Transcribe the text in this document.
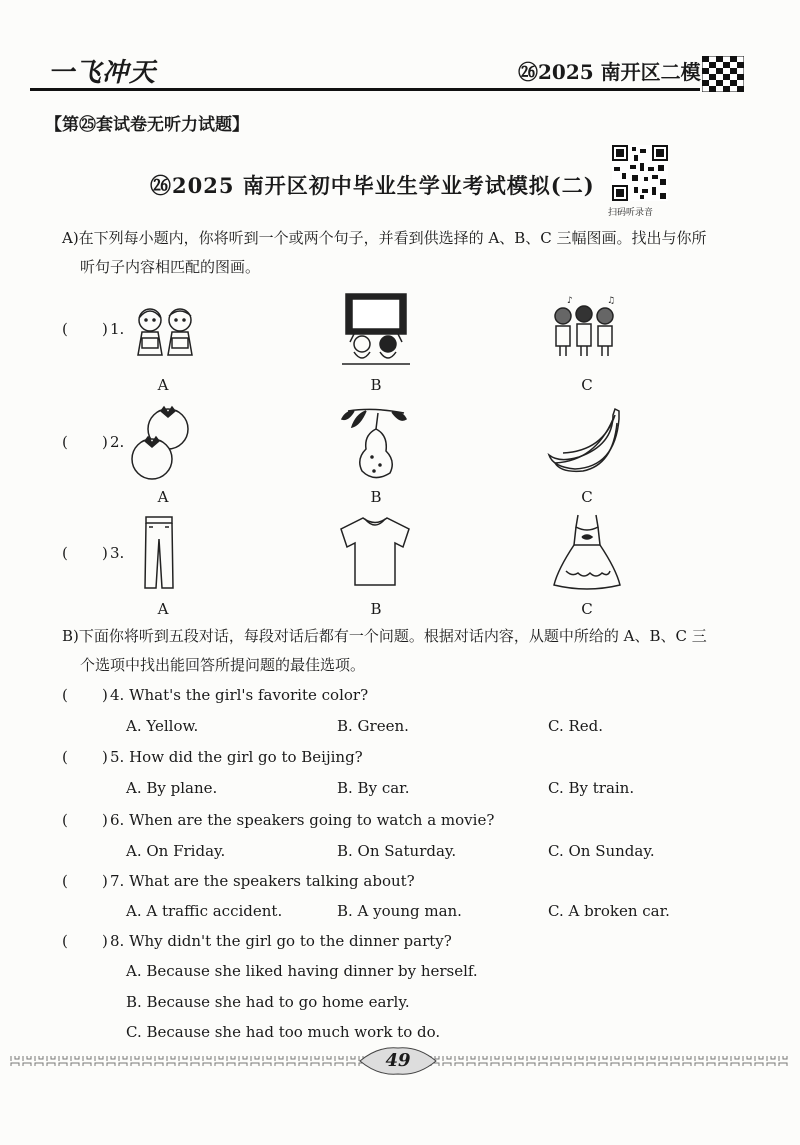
一飞冲天	㉖2025 南开区二模
【第㉕套试卷无听力试题】
㉖2025 南开区初中毕业生学业考试模拟(二)
扫码听录音
A)在下列每小题内，你将听到一个或两个句子，并看到供选择的 A、B、C 三幅图画。找出与你所
听句子内容相匹配的图画。
( ) 1.
♪	♫
A	B	C
( ) 2.
A	B	C
( ) 3.
A	B	C
B)下面你将听到五段对话，每段对话后都有一个问题。根据对话内容，从题中所给的 A、B、C 三
个选项中找出能回答所提问题的最佳选项。
( ) 4. What's the girl's favorite color?
A. Yellow.	B. Green.	C. Red.
( ) 5. How did the girl go to Beijing?
A. By plane.	B. By car.	C. By train.
( ) 6. When are the speakers going to watch a movie?
A. On Friday.	B. On Saturday.	C. On Sunday.
( ) 7. What are the speakers talking about?
A. A traffic accident.	B. A young man.	C. A broken car.
( ) 8. Why didn't the girl go to the dinner party?
A. Because she liked having dinner by herself.
B. Because she had to go home early.
C. Because she had too much work to do.
49
